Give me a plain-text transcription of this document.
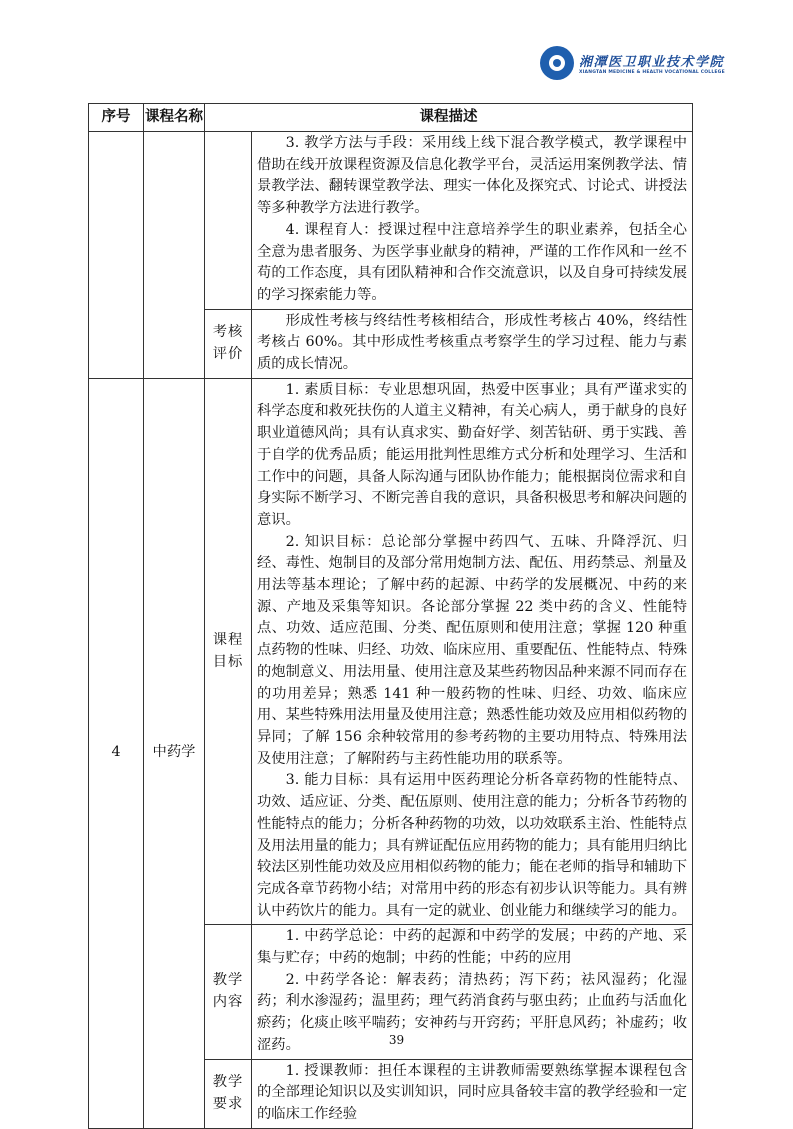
湘潭医卫职业技术学院
XIANGTAN MEDICINE & HEALTH VOCATIONAL COLLEGE
序号	课程名称	课程描述	

			3. 教学方法与手段：采用线上线下混合教学模式，教学课程中借助在线开放课程资源及信息化教学平台，灵活运用案例教学法、情景教学法、翻转课堂教学法、理实一体化及探究式、讨论式、讲授法等多种教学方法进行教学。

4. 课程育人：授课过程中注意培养学生的职业素养，包括全心全意为患者服务、为医学事业献身的精神，严谨的工作作风和一丝不苟的工作态度，具有团队精神和合作交流意识，以及自身可持续发展的学习探索能力等。

		考核评价	形成性考核与终结性考核相结合，形成性考核占 40%，终结性考核占 60%。其中形成性考核重点考察学生的学习过程、能力与素质的成长情况。

4	中药学	课程目标	1. 素质目标：专业思想巩固，热爱中医事业；具有严谨求实的科学态度和救死扶伤的人道主义精神，有关心病人，勇于献身的良好职业道德风尚；具有认真求实、勤奋好学、刻苦钻研、勇于实践、善于自学的优秀品质；能运用批判性思维方式分析和处理学习、生活和工作中的问题，具备人际沟通与团队协作能力；能根据岗位需求和自身实际不断学习、不断完善自我的意识，具备积极思考和解决问题的意识。

2. 知识目标：总论部分掌握中药四气、五味、升降浮沉、归经、毒性、炮制目的及部分常用炮制方法、配伍、用药禁忌、剂量及用法等基本理论；了解中药的起源、中药学的发展概况、中药的来源、产地及采集等知识。各论部分掌握 22 类中药的含义、性能特点、功效、适应范围、分类、配伍原则和使用注意；掌握 120 种重点药物的性味、归经、功效、临床应用、重要配伍、性能特点、特殊的炮制意义、用法用量、使用注意及某些药物因品种来源不同而存在的功用差异；熟悉 141 种一般药物的性味、归经、功效、临床应用、某些特殊用法用量及使用注意；熟悉性能功效及应用相似药物的异同；了解 156 余种较常用的参考药物的主要功用特点、特殊用法及使用注意；了解附药与主药性能功用的联系等。

3. 能力目标：具有运用中医药理论分析各章药物的性能特点、功效、适应证、分类、配伍原则、使用注意的能力；分析各节药物的性能特点的能力；分析各种药物的功效，以功效联系主治、性能特点及用法用量的能力；具有辨证配伍应用药物的能力；具有能用归纳比较法区别性能功效及应用相似药物的能力；能在老师的指导和辅助下完成各章节药物小结；对常用中药的形态有初步认识等能力。具有辨认中药饮片的能力。具有一定的就业、创业能力和继续学习的能力。

		教学内容	1. 中药学总论：中药的起源和中药学的发展；中药的产地、采集与贮存；中药的炮制；中药的性能；中药的应用

2. 中药学各论：解表药；清热药；泻下药；祛风湿药；化湿药；利水渗湿药；温里药；理气药消食药与驱虫药；止血药与活血化瘀药；化痰止咳平喘药；安神药与开窍药；平肝息风药；补虚药；收涩药。

		教学要求	1. 授课教师：担任本课程的主讲教师需要熟练掌握本课程包含的全部理论知识以及实训知识，同时应具备较丰富的教学经验和一定的临床工作经验

39
